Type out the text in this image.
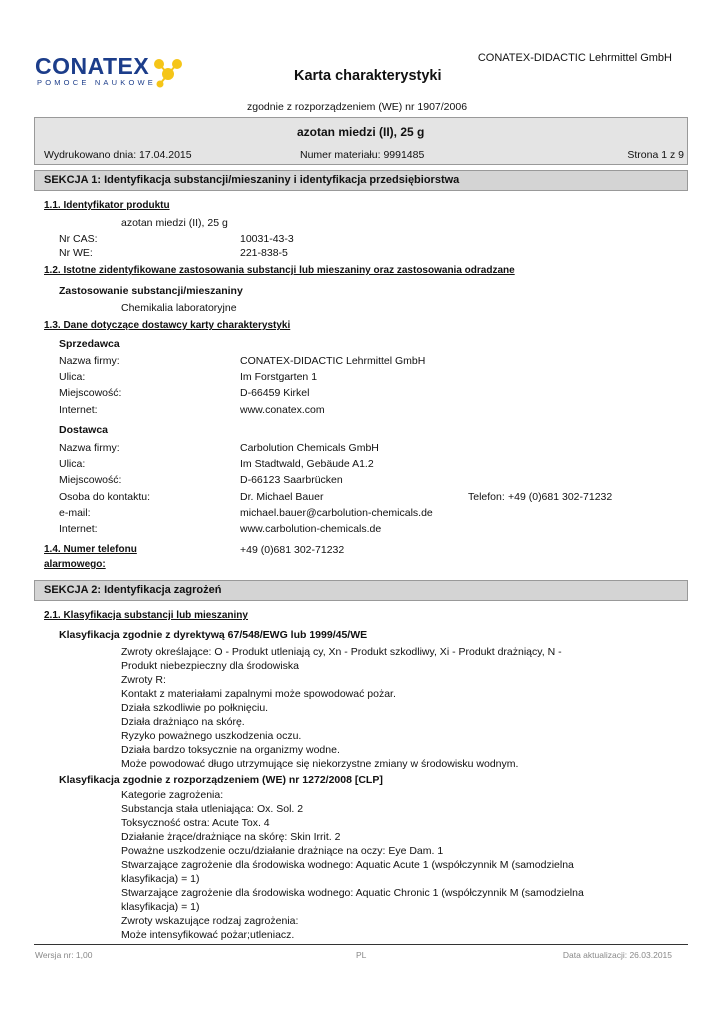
CONATEX
POMOCE NAUKOWE
CONATEX-DIDACTIC Lehrmittel GmbH
Karta charakterystyki
zgodnie z rozporządzeniem (WE) nr 1907/2006
azotan miedzi (II), 25 g
Wydrukowano dnia: 17.04.2015	Numer materiału: 9991485	Strona 1 z 9
SEKCJA 1: Identyfikacja substancji/mieszaniny i identyfikacja przedsiębiorstwa
1.1. Identyfikator produktu
azotan miedzi (II), 25 g
Nr CAS:	10031-43-3
Nr WE:	221-838-5
1.2. Istotne zidentyfikowane zastosowania substancji lub mieszaniny oraz zastosowania odradzane
Zastosowanie substancji/mieszaniny
Chemikalia laboratoryjne
1.3. Dane dotyczące dostawcy karty charakterystyki
Sprzedawca
Nazwa firmy:	CONATEX-DIDACTIC Lehrmittel GmbH
Ulica:	Im Forstgarten 1
Miejscowość:	D-66459 Kirkel
Internet:	www.conatex.com
Dostawca
Nazwa firmy:	Carbolution Chemicals GmbH
Ulica:	Im Stadtwald, Gebäude A1.2
Miejscowość:	D-66123 Saarbrücken
Osoba do kontaktu:	Dr. Michael Bauer	Telefon: +49 (0)681 302-71232
e-mail:	michael.bauer@carbolution-chemicals.de
Internet:	www.carbolution-chemicals.de
1.4. Numer telefonu
alarmowego:
+49 (0)681 302-71232
SEKCJA 2: Identyfikacja zagrożeń
2.1. Klasyfikacja substancji lub mieszaniny
Klasyfikacja zgodnie z dyrektywą 67/548/EWG lub 1999/45/WE
Zwroty określające: O - Produkt utleniają cy, Xn - Produkt szkodliwy, Xi - Produkt drażniący, N -
Produkt niebezpieczny dla środowiska
Zwroty R:
Kontakt z materiałami zapalnymi może spowodować pożar.
Działa szkodliwie po połknięciu.
Działa drażniąco na skórę.
Ryzyko poważnego uszkodzenia oczu.
Działa bardzo toksycznie na organizmy wodne.
Może powodować długo utrzymujące się niekorzystne zmiany w środowisku wodnym.
Klasyfikacja zgodnie z rozporządzeniem (WE) nr 1272/2008 [CLP]
Kategorie zagrożenia:
Substancja stała utleniająca: Ox. Sol. 2
Toksyczność ostra: Acute Tox. 4
Działanie żrące/drażniące na skórę: Skin Irrit. 2
Poważne uszkodzenie oczu/działanie drażniące na oczy: Eye Dam. 1
Stwarzające zagrożenie dla środowiska wodnego: Aquatic Acute 1 (współczynnik M (samodzielna
klasyfikacja) = 1)
Stwarzające zagrożenie dla środowiska wodnego: Aquatic Chronic 1 (współczynnik M (samodzielna
klasyfikacja) = 1)
Zwroty wskazujące rodzaj zagrożenia:
Może intensyfikować pożar;utleniacz.
Wersja nr: 1,00	PL	Data aktualizacji: 26.03.2015
